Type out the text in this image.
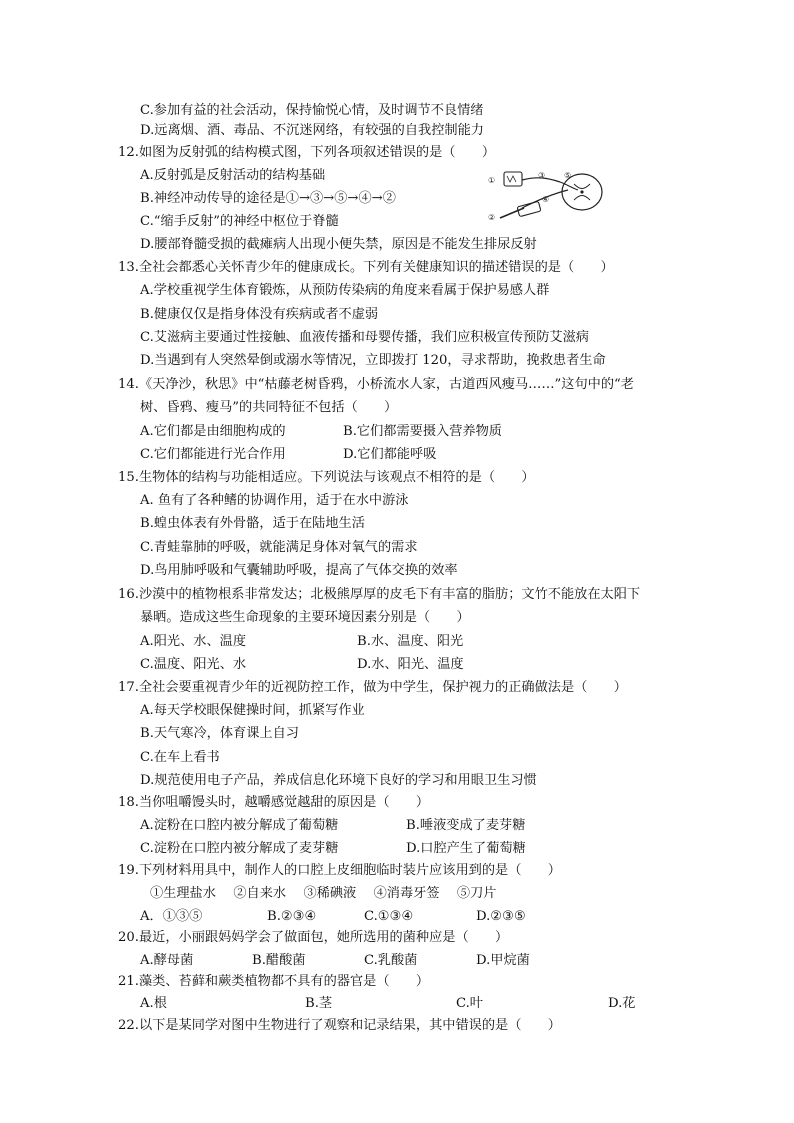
C.参加有益的社会活动，保持愉悦心情，及时调节不良情绪
D.远离烟、酒、毒品、不沉迷网络，有较强的自我控制能力
12.如图为反射弧的结构模式图，下列各项叙述错误的是（　　）
A.反射弧是反射活动的结构基础
B.神经冲动传导的途径是①→③→⑤→④→②
C.“缩手反射”的神经中枢位于脊髓
D.腰部脊髓受损的截瘫病人出现小便失禁，原因是不能发生排尿反射
①
②
③
④
⑤
13.全社会都悉心关怀青少年的健康成长。下列有关健康知识的描述错误的是（　　）
A.学校重视学生体育锻炼，从预防传染病的角度来看属于保护易感人群
B.健康仅仅是指身体没有疾病或者不虚弱
C.艾滋病主要通过性接触、血液传播和母婴传播，我们应积极宣传预防艾滋病
D.当遇到有人突然晕倒或溺水等情况，立即拨打 120，寻求帮助，挽救患者生命
14.《天净沙，秋思》中“枯藤老树昏鸦，小桥流水人家，古道西风瘦马……”这句中的“老
树、昏鸦、瘦马”的共同特征不包括（　　）
A.它们都是由细胞构成的	B.它们都需要摄入营养物质
C.它们都能进行光合作用	D.它们都能呼吸
15.生物体的结构与功能相适应。下列说法与该观点不相符的是（　　）
A. 鱼有了各种鳍的协调作用，适于在水中游泳
B.蝗虫体表有外骨骼，适于在陆地生活
C.青蛙靠肺的呼吸，就能满足身体对氧气的需求
D.鸟用肺呼吸和气囊辅助呼吸，提高了气体交换的效率
16.沙漠中的植物根系非常发达；北极熊厚厚的皮毛下有丰富的脂肪；文竹不能放在太阳下
暴晒。造成这些生命现象的主要环境因素分别是（　　）
A.阳光、水、温度	B.水、温度、阳光
C.温度、阳光、水	D.水、阳光、温度
17.全社会要重视青少年的近视防控工作，做为中学生，保护视力的正确做法是（　　）
A.每天学校眼保健操时间，抓紧写作业
B.天气寒冷，体育课上自习
C.在车上看书
D.规范使用电子产品，养成信息化环境下良好的学习和用眼卫生习惯
18.当你咀嚼馒头时，越嚼感觉越甜的原因是（　　）
A.淀粉在口腔内被分解成了葡萄糖	B.唾液变成了麦芽糖
C.淀粉在口腔内被分解成了麦芽糖	D.口腔产生了葡萄糖
19.下列材料用具中，制作人的口腔上皮细胞临时装片应该用到的是（　　）
①生理盐水　 ②自来水　 ③稀碘液　 ④消毒牙签　 ⑤刀片
A．①③⑤	B.②③④	C.①③④	D.②③⑤
20.最近，小丽跟妈妈学会了做面包，她所选用的菌种应是（　　）
A.酵母菌	B.醋酸菌	C.乳酸菌	D.甲烷菌
21.藻类、苔藓和蕨类植物都不具有的器官是（　　）
A.根	B.茎	C.叶	D.花
22.以下是某同学对图中生物进行了观察和记录结果，其中错误的是（　　）
